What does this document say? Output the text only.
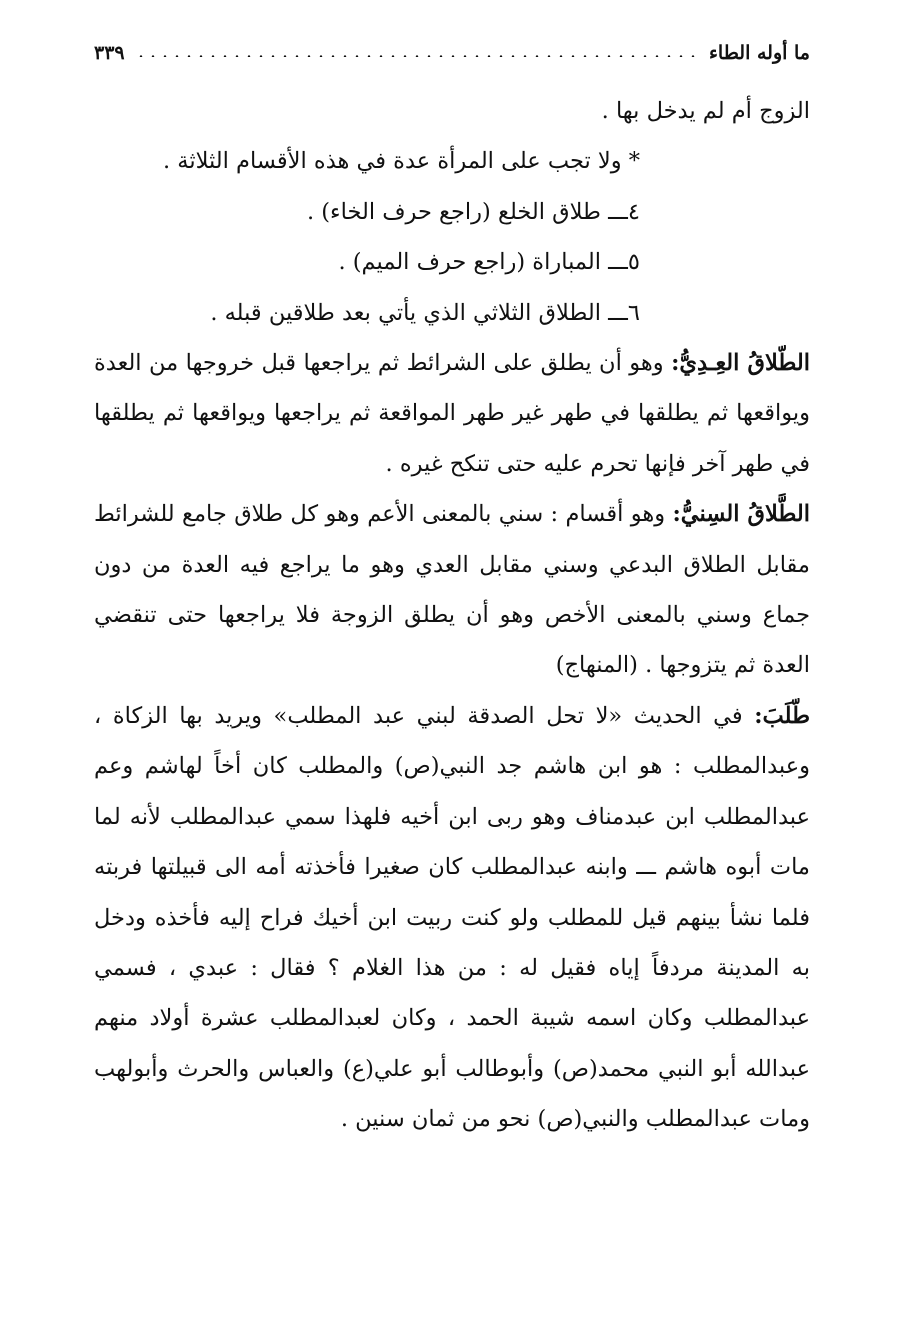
ما أوله الطاء
٣٣٩

الزوج أم لم يدخل بها .

* ولا تجب على المرأة عدة في هذه الأقسام الثلاثة .

٤ـــ طلاق الخلع (راجع حرف الخاء) .

٥ـــ المباراة (راجع حرف الميم) .

٦ـــ الطلاق الثلاثي الذي يأتي بعد طلاقين قبله .

الطّلاقُ العِـدِيُّ: وهو أن يطلق على الشرائط ثم يراجعها قبل خروجها من العدة ويواقعها ثم يطلقها في طهر غير طهر المواقعة ثم يراجعها ويواقعها ثم يطلقها في طهر آخر فإنها تحرم عليه حتى تنكح غيره .

الطَّلاقُ السِنيُّ: وهو أقسام : سني بالمعنى الأعم وهو كل طلاق جامع للشرائط مقابل الطلاق البدعي وسني مقابل العدي وهو ما يراجع فيه العدة من دون جماع وسني بالمعنى الأخص وهو أن يطلق الزوجة فلا يراجعها حتى تنقضي العدة ثم يتزوجها . (المنهاج)

طّلَبَ: في الحديث «لا تحل الصدقة لبني عبد المطلب» ويريد بها الزكاة ، وعبدالمطلب : هو ابن هاشم جد النبي(ص) والمطلب كان أخاً لهاشم وعم عبدالمطلب ابن عبدمناف وهو ربى ابن أخيه فلهذا سمي عبدالمطلب لأنه لما مات أبوه هاشم ـــ وابنه عبدالمطلب كان صغيرا فأخذته أمه الى قبيلتها فربته فلما نشأ بينهم قيل للمطلب ولو كنت ربيت ابن أخيك فراح إليه فأخذه ودخل به المدينة مردفاً إياه فقيل له : من هذا الغلام ؟ فقال : عبدي ، فسمي عبدالمطلب وكان اسمه شيبة الحمد ، وكان لعبدالمطلب عشرة أولاد منهم عبدالله أبو النبي محمد(ص) وأبوطالب أبو علي(ع) والعباس والحرث وأبولهب ومات عبدالمطلب والنبي(ص) نحو من ثمان سنين .
